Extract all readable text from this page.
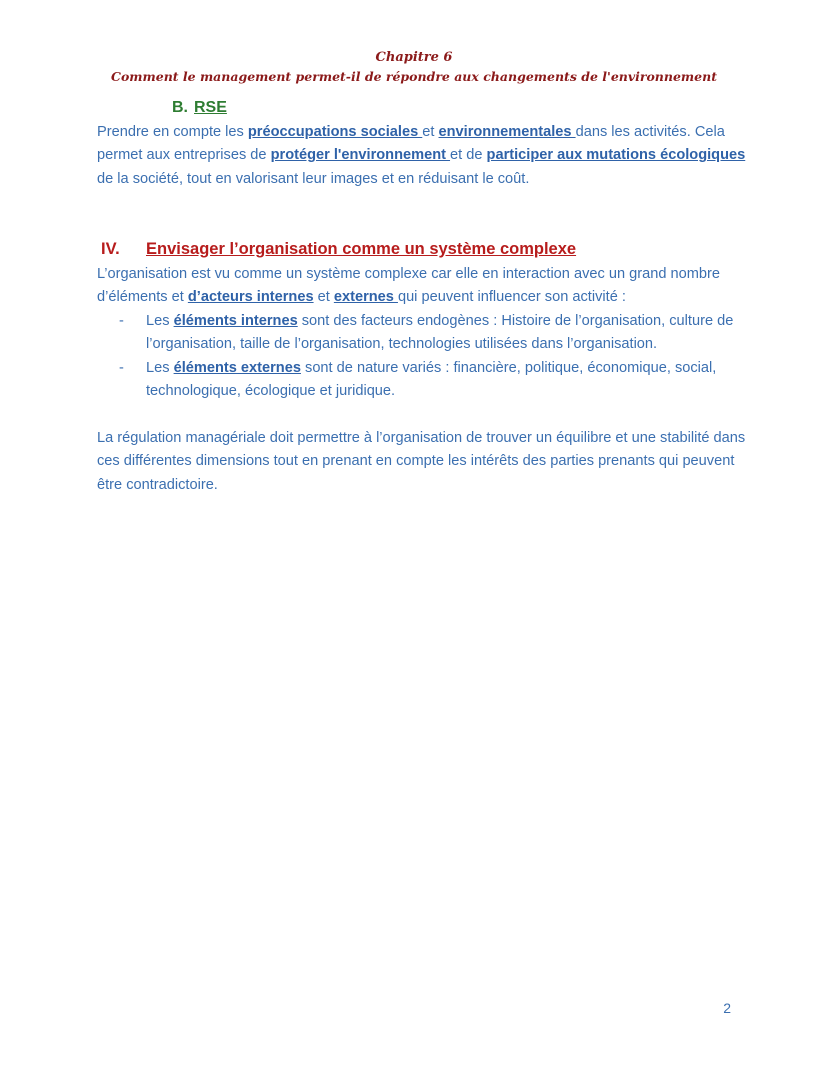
Chapitre 6
Comment le management permet-il de répondre aux changements de l'environnement
B. RSE
Prendre en compte les préoccupations sociales et environnementales dans les activités. Cela permet aux entreprises de protéger l'environnement et de participer aux mutations écologiques de la société, tout en valorisant leur images et en réduisant le coût.
IV. Envisager l’organisation comme un système complexe
L’organisation est vu comme un système complexe car elle en interaction avec un grand nombre d’éléments et d’acteurs internes et externes qui peuvent influencer son activité :
- Les éléments internes sont des facteurs endogènes : Histoire de l’organisation, culture de l’organisation, taille de l’organisation, technologies utilisées dans l’organisation.
- Les éléments externes sont de nature variés : financière, politique, économique, social, technologique, écologique et juridique.
La régulation managériale doit permettre à l’organisation de trouver un équilibre et une stabilité dans ces différentes dimensions tout en prenant en compte les intérêts des parties prenants qui peuvent être contradictoire.
2
